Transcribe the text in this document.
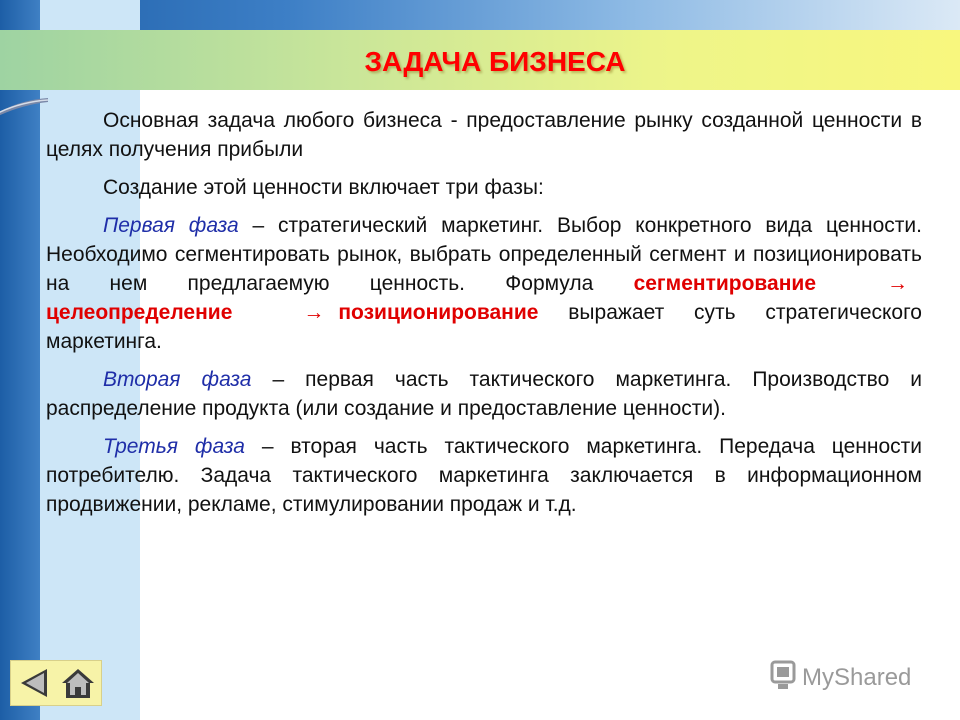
ЗАДАЧА БИЗНЕСА

Основная задача любого бизнеса - предоставление рынку созданной ценности в целях получения прибыли

Создание этой ценности включает три фазы:

Первая фаза – стратегический маркетинг. Выбор конкретного вида ценности. Необходимо сегментировать рынок, выбрать определенный сегмент и позиционировать на нем предлагаемую ценность. Формула сегментирование	→целеопределение	→ позиционирование выражает суть стратегического маркетинга.

Вторая фаза – первая часть тактического маркетинга. Производство и распределение продукта (или создание и предоставление ценности).

Третья фаза – вторая часть тактического маркетинга. Передача ценности потребителю. Задача тактического маркетинга заключается в информационном продвижении, рекламе, стимулировании продаж и т.д.

MyShared
